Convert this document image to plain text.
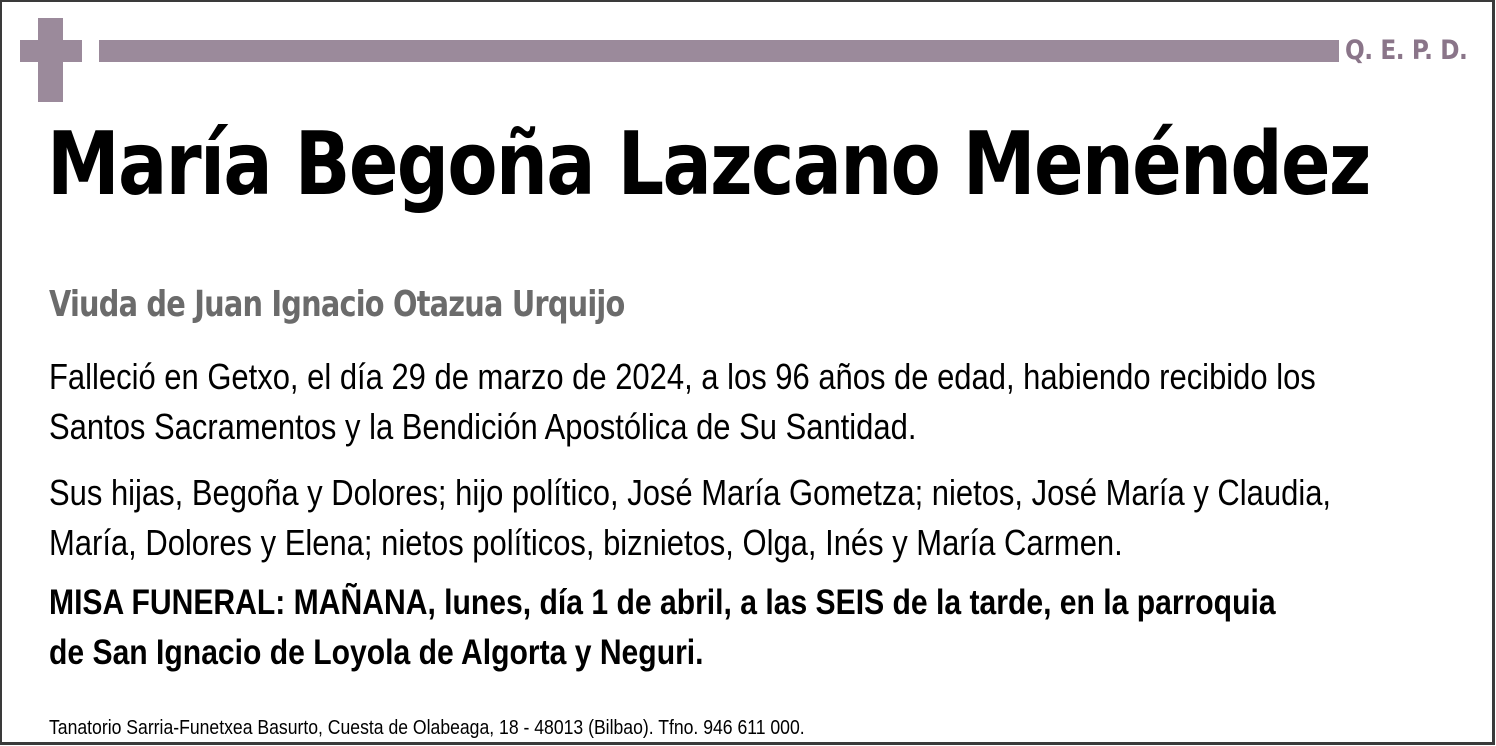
Q. E. P. D.
María Begoña Lazcano Menéndez
Viuda de Juan Ignacio Otazua Urquijo
Falleció en Getxo, el día 29 de marzo de 2024, a los 96 años de edad, habiendo recibido los
Santos Sacramentos y la Bendición Apostólica de Su Santidad.
Sus hijas, Begoña y Dolores; hijo político, José María Gometza; nietos, José María y Claudia,
María, Dolores y Elena; nietos políticos, biznietos, Olga, Inés y María Carmen.
MISA FUNERAL: MAÑANA, lunes, día 1 de abril, a las SEIS de la tarde, en la parroquia
de San Ignacio de Loyola de Algorta y Neguri.
Tanatorio Sarria-Funetxea Basurto, Cuesta de Olabeaga, 18 - 48013 (Bilbao). Tfno. 946 611 000.
